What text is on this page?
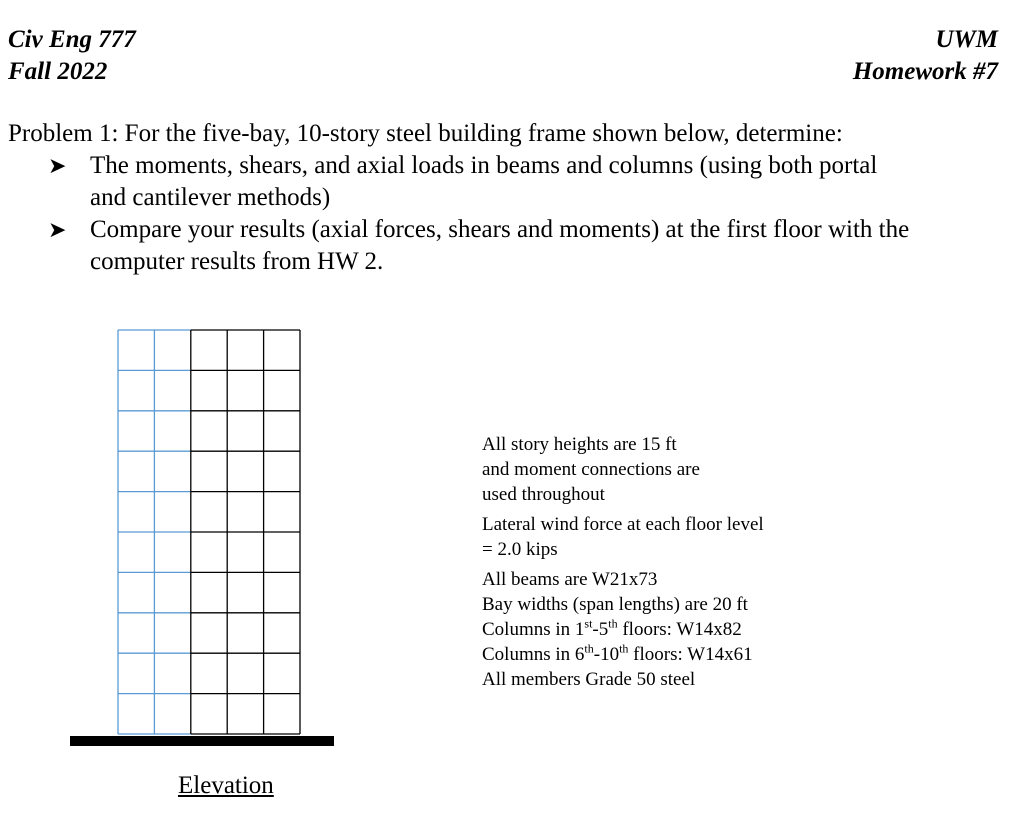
Civ Eng 777
Fall 2022
UWM
Homework #7
Problem 1: For the five-bay, 10-story steel building frame shown below, determine:
➤ The moments, shears, and axial loads in beams and columns (using both portal
and cantilever methods)
➤ Compare your results (axial forces, shears and moments) at the first floor with the
computer results from HW 2.
Elevation
All story heights are 15 ft
and moment connections are
used throughout
Lateral wind force at each floor level
= 2.0 kips
All beams are W21x73
Bay widths (span lengths) are 20 ft
Columns in 1st-5th floors: W14x82
Columns in 6th-10th floors: W14x61
All members Grade 50 steel
